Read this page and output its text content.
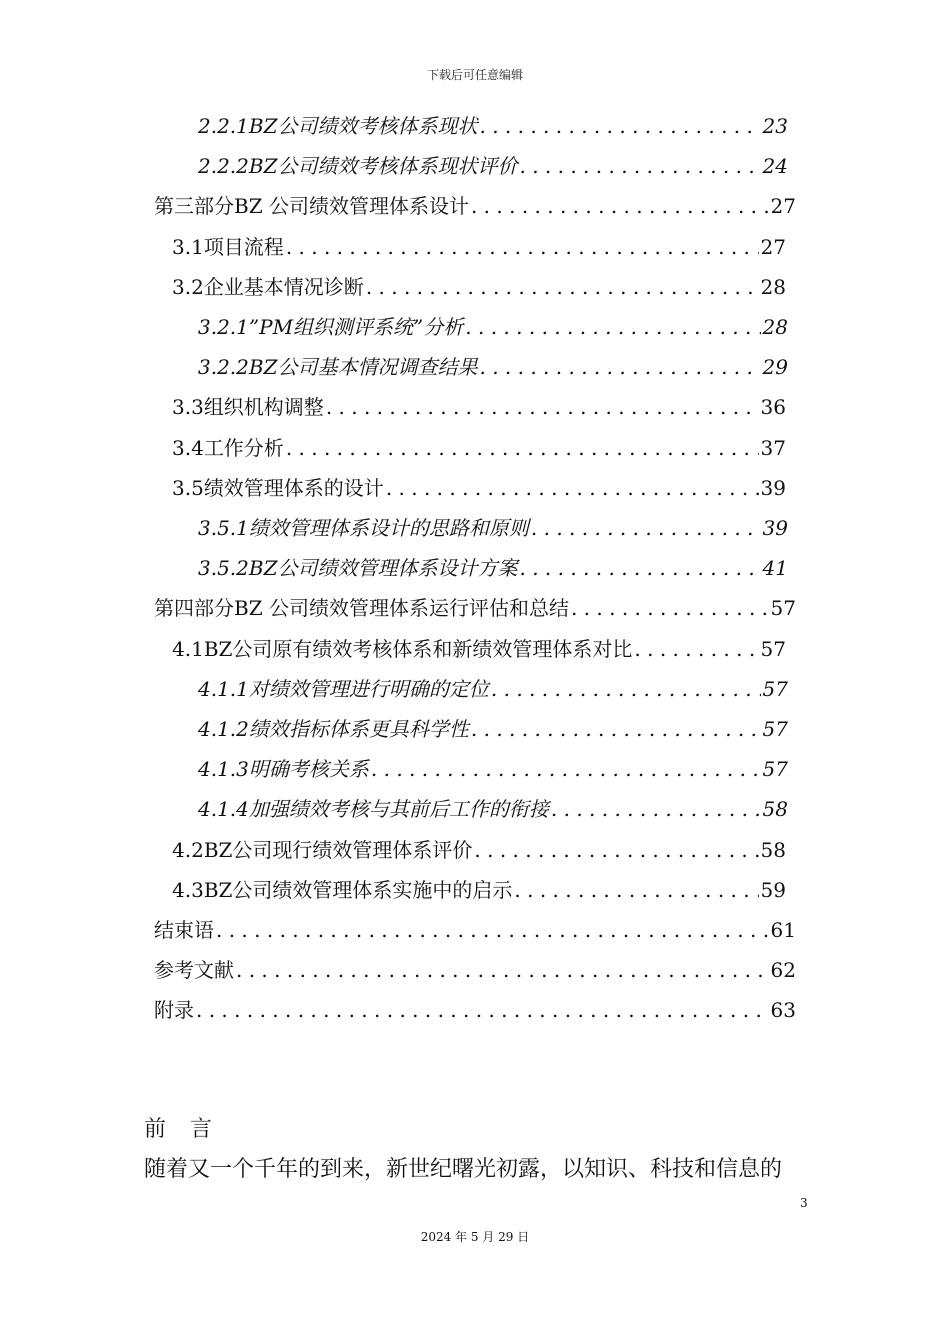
下载后可任意编辑
2.2.1 BZ公司绩效考核体系现状 . . .	23
2.2.2 BZ公司绩效考核体系现状评价 . . .	24
第三部分 BZ 公司绩效管理体系设计 . . .	27
3.1 项目流程 . . .	27
3.2 企业基本情况诊断 . . .	28
3.2.1 ”PM组织测评系统”分析 . . .	28
3.2.2 BZ公司基本情况调查结果 . . .	29
3.3 组织机构调整 . . .	36
3.4 工作分析 . . .	37
3.5 绩效管理体系的设计 . . .	39
3.5.1 绩效管理体系设计的思路和原则 . . .	39
3.5.2 BZ公司绩效管理体系设计方案 . . .	41
第四部分 BZ 公司绩效管理体系运行评估和总结 . . .	57
4.1 BZ公司原有绩效考核体系和新绩效管理体系对比 . . .	57
4.1.1 对绩效管理进行明确的定位 . . .	57
4.1.2 绩效指标体系更具科学性 . . .	57
4.1.3 明确考核关系 . . .	57
4.1.4 加强绩效考核与其前后工作的衔接 . . .	58
4.2 BZ公司现行绩效管理体系评价 . . .	58
4.3 BZ公司绩效管理体系实施中的启示 . . .	59
结束语 . . .	61
参考文献 . . .	62
附录 . . .	63
前言
随着又一个千年的到来，新世纪曙光初露，以知识、科技和信息的
3
2024 年 5 月 29 日
